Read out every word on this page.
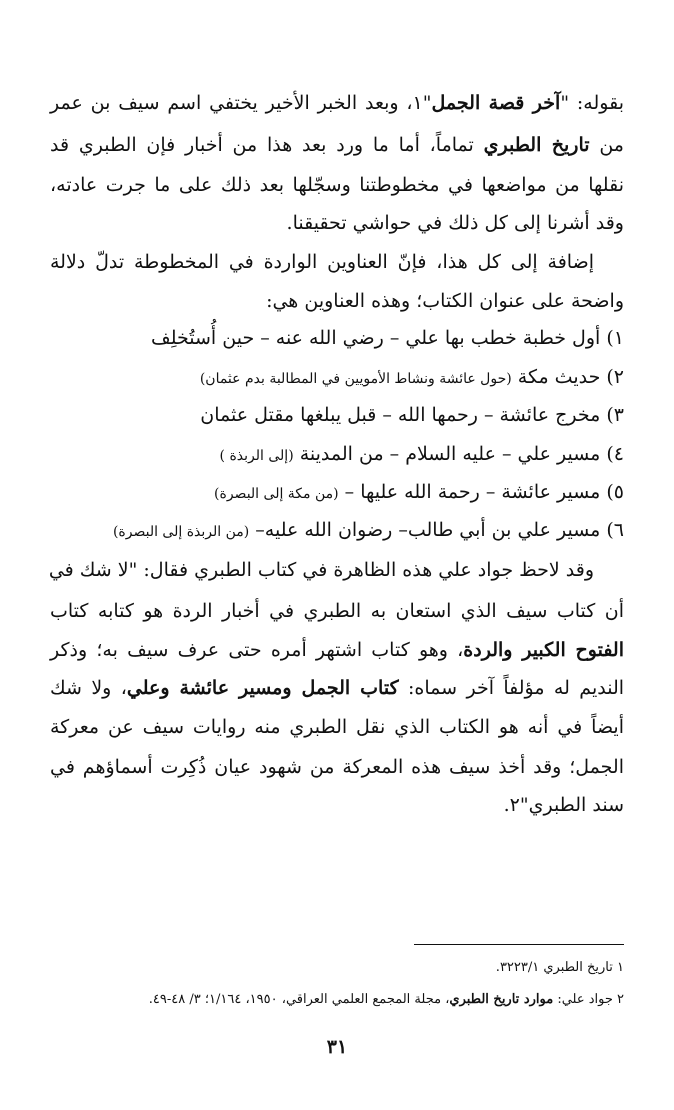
بقوله: "آخر قصة الجمل"١، وبعد الخبر الأخير يختفي اسم سيف بن عمر
من تاريخ الطبري تماماً، أما ما ورد بعد هذا من أخبار فإن الطبري قد
نقلها من مواضعها في مخطوطتنا وسجّلها بعد ذلك على ما جرت عادته،
وقد أشرنا إلى كل ذلك في حواشي تحقيقنا.
إضافة إلى كل هذا، فإنّ العناوين الواردة في المخطوطة تدلّ دلالة
واضحة على عنوان الكتاب؛ وهذه العناوين هي:
١) أول خطبة خطب بها علي – رضي الله عنه – حين أُستُخلِف
٢) حديث مكة (حول عائشة ونشاط الأمويين في المطالبة بدم عثمان)
٣) مخرج عائشة – رحمها الله – قبل يبلغها مقتل عثمان
٤) مسير علي – عليه السلام – من المدينة (إلى الربذة )
٥) مسير عائشة – رحمة الله عليها – (من مكة إلى البصرة)
٦) مسير علي بن أبي طالب– رضوان الله عليه– (من الربذة إلى البصرة)
وقد لاحظ جواد علي هذه الظاهرة في كتاب الطبري فقال: "لا شك في
أن كتاب سيف الذي استعان به الطبري في أخبار الردة هو كتابه كتاب
الفتوح الكبير والردة، وهو كتاب اشتهر أمره حتى عرف سيف به؛ وذكر
النديم له مؤلفاً آخر سماه: كتاب الجمل ومسير عائشة وعلي، ولا شك
أيضاً في أنه هو الكتاب الذي نقل الطبري منه روايات سيف عن معركة
الجمل؛ وقد أخذ سيف هذه المعركة من شهود عيان ذُكِرت أسماؤهم في
سند الطبري"٢.
١ تاريخ الطبري ٣٢٢٣/١.
٢ جواد علي: موارد تاريخ الطبري، مجلة المجمع العلمي العراقي، ١٩٥٠، ١/١٦٤؛ ٣/ ٤٨-٤٩.
٣١
